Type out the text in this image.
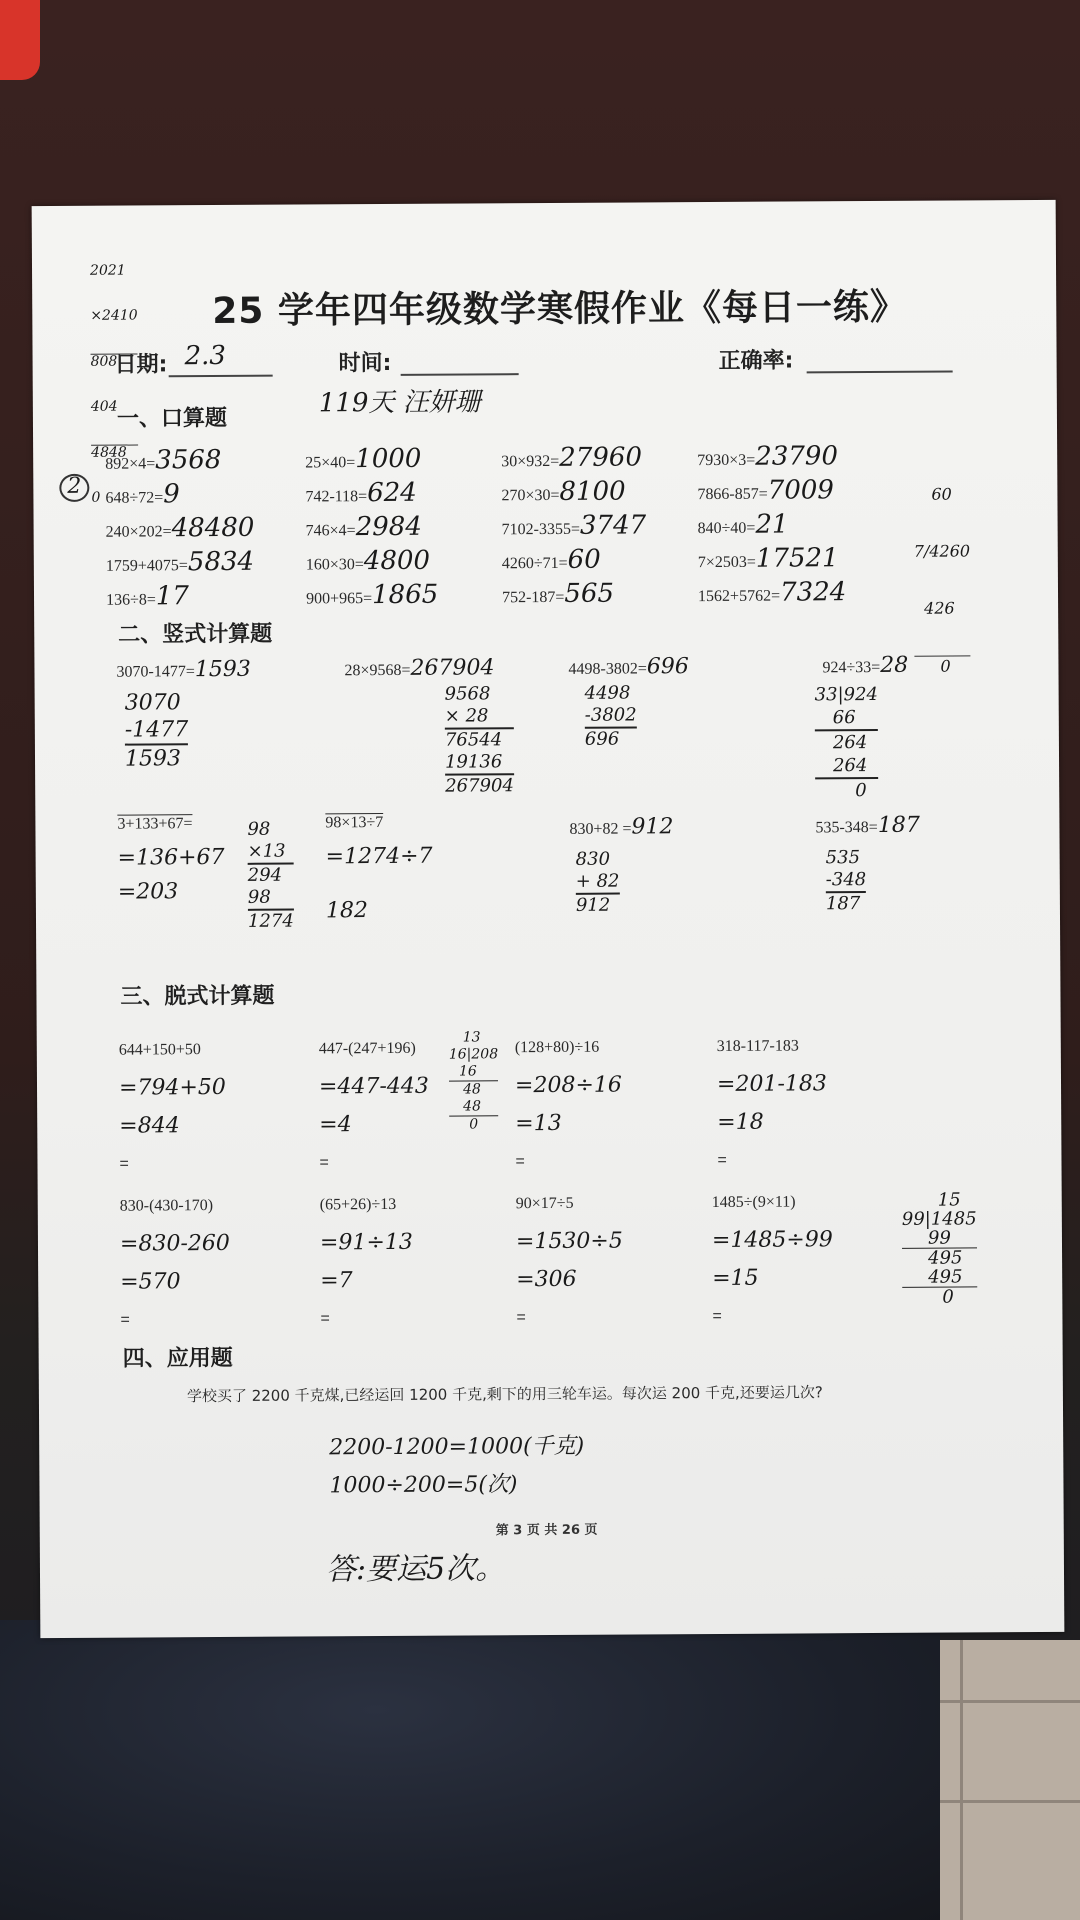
2021

×2410

808

404

4848

0

25 学年四年级数学寒假作业《每日一练》
日期: 2.3	时间:	正确率:
119天 汪妍珊
一、口算题
2
892×4=3568	25×40=1000	30×932=27960	7930×3=23790
648÷72=9	742-118=624	270×30=8100	7866-857=7009
240×202=48480	746×4=2984	7102-3355=3747	840÷40=21
1759+4075=5834	160×30=4800	4260÷71=60	7×2503=17521
136÷8=17	900+965=1865	752-187=565	1562+5762=7324

60

7/4260

426

0

二、竖式计算题
3070-1477=1593
3070
-1477
1593
28×9568=267904
9568
× 28
76544
19136
267904
4498-3802=696
4498
-3802
696
924÷33=28
33|924
66
264
264
0
3+133+67=
=136+67
=203
98×13÷7
=1274÷7
182
98
×13
294
98
1274
830+82 =912
830
+ 82
912
535-348=187
535
-348
187
三、脱式计算题
644+150+50
=794+50
=844
=
447-(247+196)
=447-443
=4
=
(128+80)÷16
=208÷16
=13
=
318-117-183
=201-183
=18
=
13
16|208
16
48
48
0
830-(430-170)
=830-260
=570
=
(65+26)÷13
=91÷13
=7
=
90×17÷5
=1530÷5
=306
=
1485÷(9×11)
=1485÷99
=15
=
15
99|1485
99
495
495
0
四、应用题
学校买了 2200 千克煤,已经运回 1200 千克,剩下的用三轮车运。每次运 200 千克,还要运几次?
2200-1200=1000(千克)
1000÷200=5(次)
第 3 页 共 26 页
答:要运5次。
